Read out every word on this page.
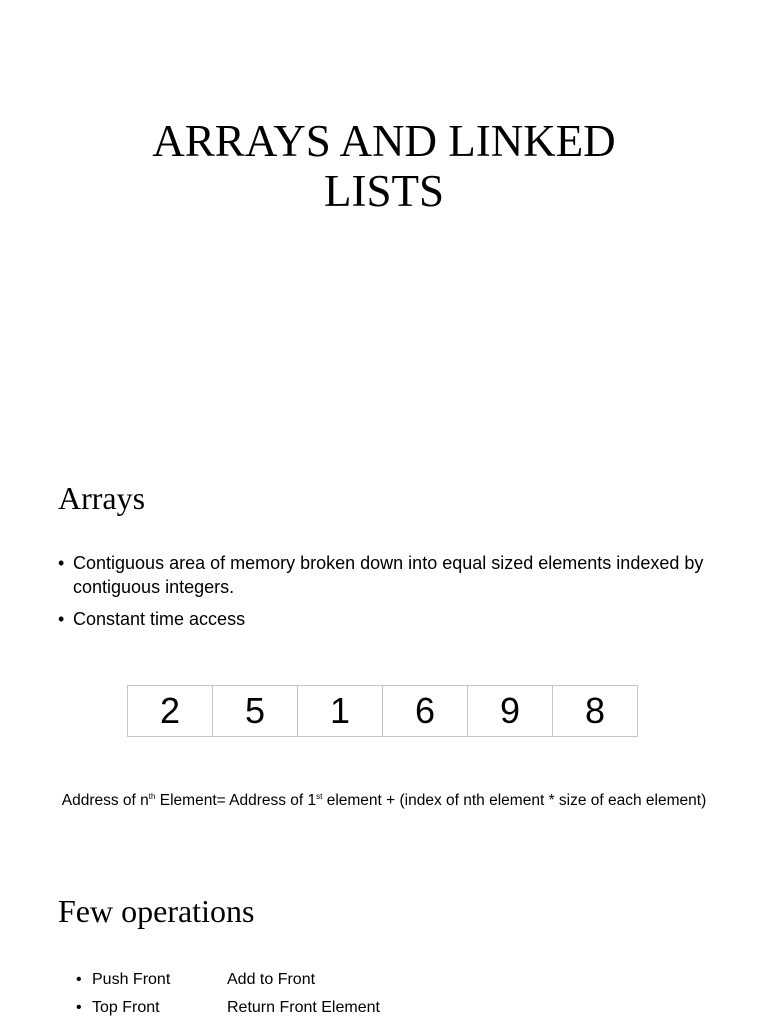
ARRAYS AND LINKED
LISTS
Arrays
• Contiguous area of memory broken down into equal sized elements indexed by contiguous integers.
• Constant time access
2	5	1	6	9	8
Address of $n^{th}$ Element= Address of 1st element + (index of nth element * size of each element)
Few operations
• Push Front	Add to Front
• Top Front	Return Front Element
